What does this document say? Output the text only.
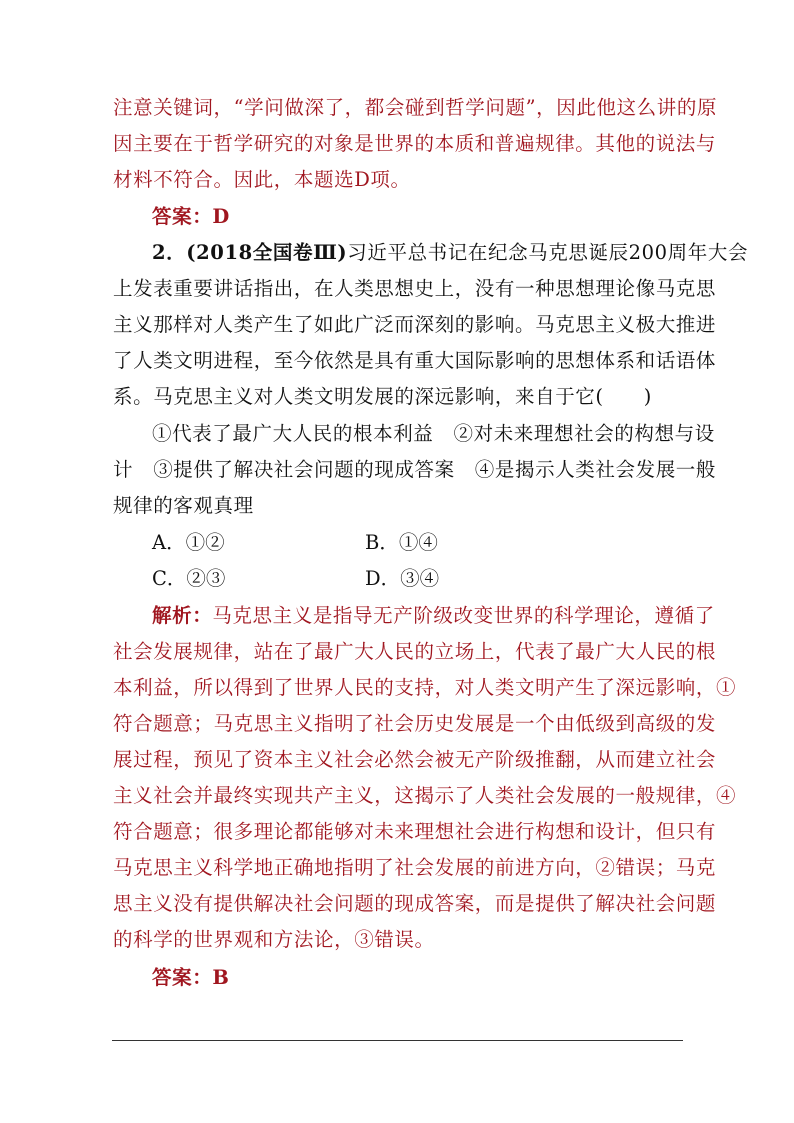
注意关键词，“学问做深了，都会碰到哲学问题”，因此他这么讲的原
因主要在于哲学研究的对象是世界的本质和普遍规律。其他的说法与
材料不符合。因此，本题选D项。
答案：D
2．(2018全国卷Ⅲ)习近平总书记在纪念马克思诞辰200周年大会
上发表重要讲话指出，在人类思想史上，没有一种思想理论像马克思
主义那样对人类产生了如此广泛而深刻的影响。马克思主义极大推进
了人类文明进程，至今依然是具有重大国际影响的思想体系和话语体
系。马克思主义对人类文明发展的深远影响，来自于它(　　)
①代表了最广大人民的根本利益　②对未来理想社会的构想与设
计　③提供了解决社会问题的现成答案　④是揭示人类社会发展一般
规律的客观真理
A．①②	B．①④
C．②③	D．③④
解析：马克思主义是指导无产阶级改变世界的科学理论，遵循了
社会发展规律，站在了最广大人民的立场上，代表了最广大人民的根
本利益，所以得到了世界人民的支持，对人类文明产生了深远影响，①
符合题意；马克思主义指明了社会历史发展是一个由低级到高级的发
展过程，预见了资本主义社会必然会被无产阶级推翻，从而建立社会
主义社会并最终实现共产主义，这揭示了人类社会发展的一般规律，④
符合题意；很多理论都能够对未来理想社会进行构想和设计，但只有
马克思主义科学地正确地指明了社会发展的前进方向，②错误；马克
思主义没有提供解决社会问题的现成答案，而是提供了解决社会问题
的科学的世界观和方法论，③错误。
答案：B
